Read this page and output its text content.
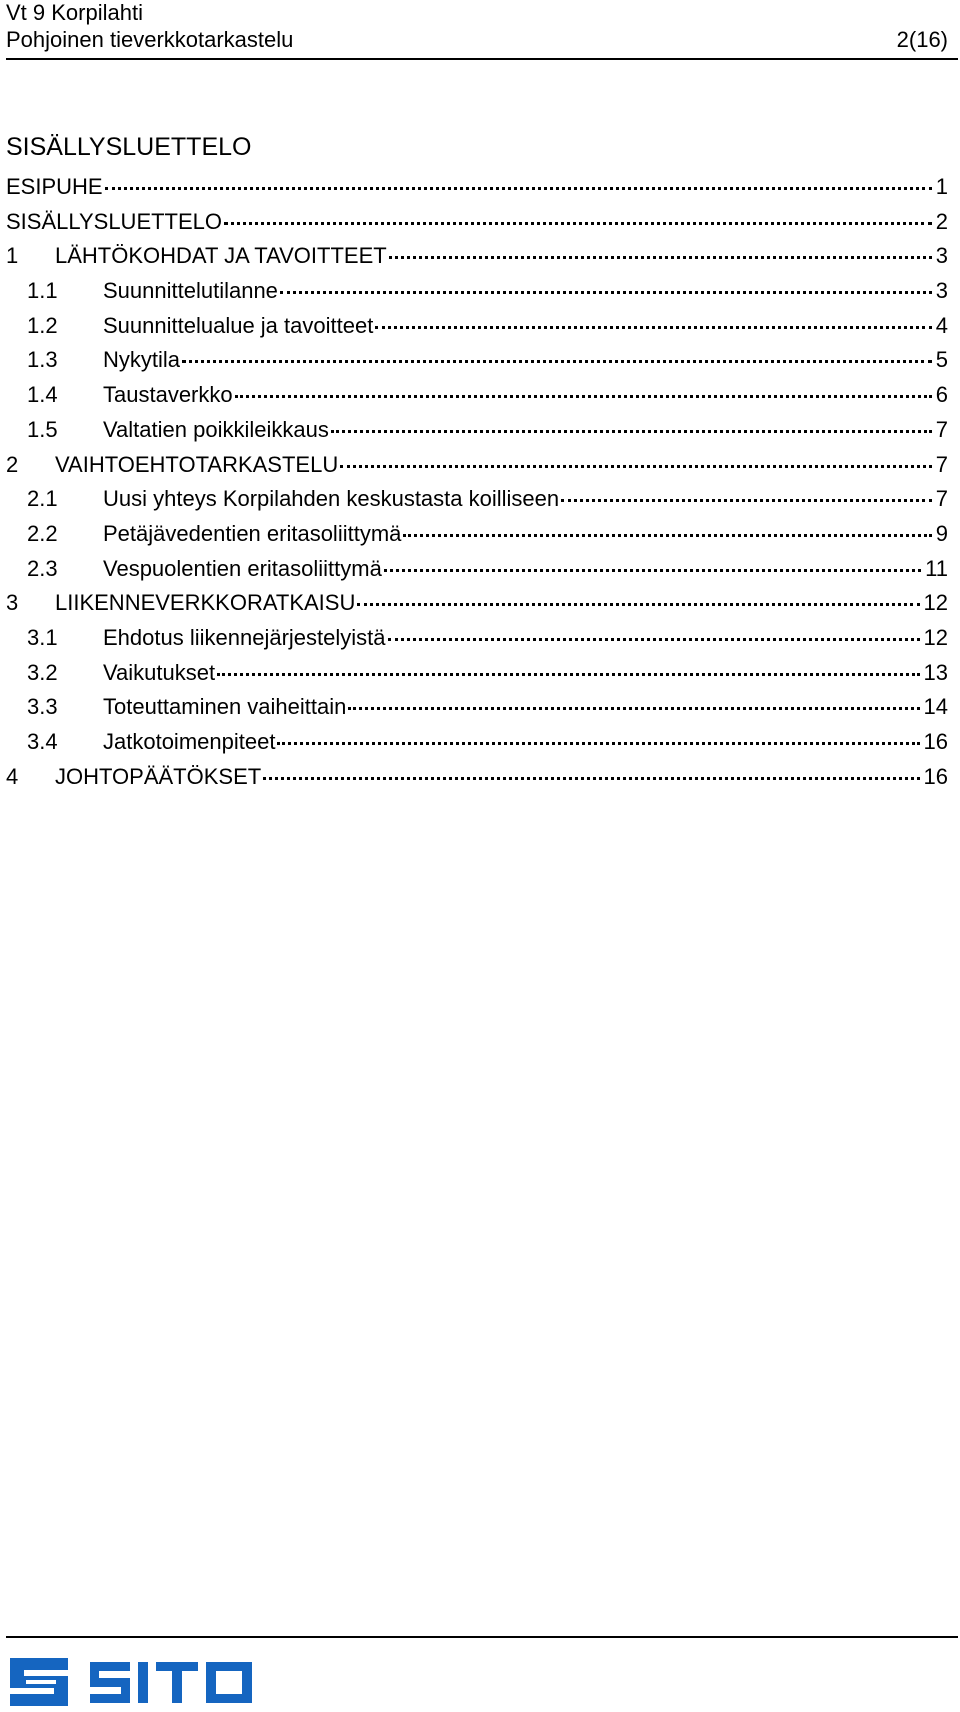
Vt 9 Korpilahti
Pohjoinen tieverkkotarkastelu	2(16)
SISÄLLYSLUETTELO
ESIPUHE	1
SISÄLLYSLUETTELO	2
1	LÄHTÖKOHDAT JA TAVOITTEET	3
1.1	Suunnittelutilanne	3
1.2	Suunnittelualue ja tavoitteet	4
1.3	Nykytila	5
1.4	Taustaverkko	6
1.5	Valtatien poikkileikkaus	7
2	VAIHTOEHTOTARKASTELU	7
2.1	Uusi yhteys Korpilahden keskustasta koilliseen	7
2.2	Petäjävedentien eritasoliittymä	9
2.3	Vespuolentien eritasoliittymä	11
3	LIIKENNEVERKKORATKAISU	12
3.1	Ehdotus liikennejärjestelyistä	12
3.2	Vaikutukset	13
3.3	Toteuttaminen vaiheittain	14
3.4	Jatkotoimenpiteet	16
4	JOHTOPÄÄTÖKSET	16
